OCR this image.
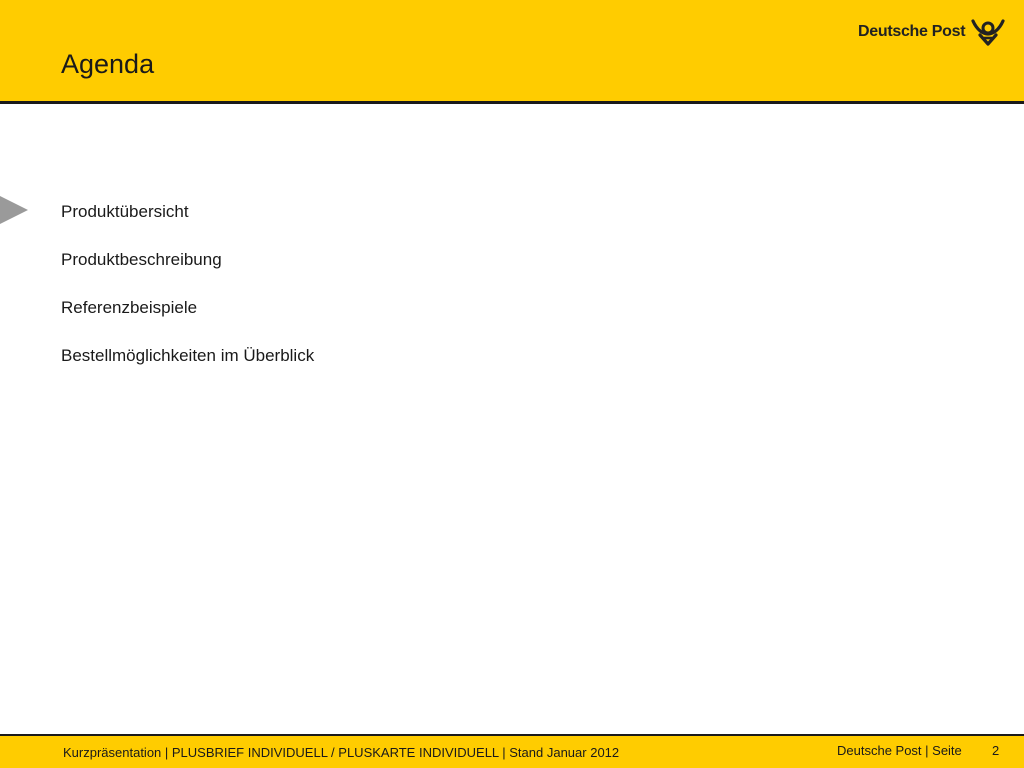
Agenda
Deutsche Post
Produktübersicht
Produktbeschreibung
Referenzbeispiele
Bestellmöglichkeiten im Überblick
Kurzpräsentation | PLUSBRIEF INDIVIDUELL / PLUSKARTE INDIVIDUELL | Stand Januar 2012	Deutsche Post | Seite 2
